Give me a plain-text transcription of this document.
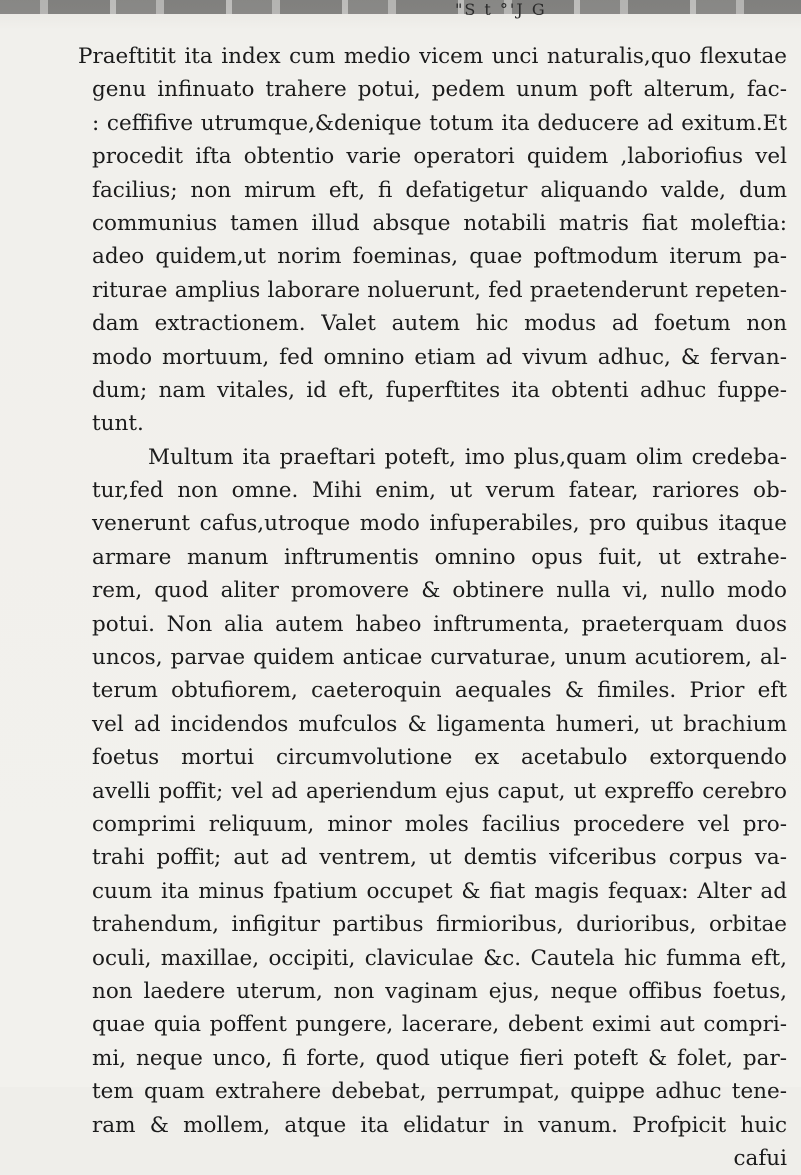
"S t °'J G
Praeftitit ita index cum medio vicem unci naturalis,quo flexutae
genu infinuato trahere potui, pedem unum poft alterum, fac-
: ceffifive utrumque,&denique totum ita deducere ad exitum.Et
procedit ifta obtentio varie operatori quidem ,laboriofius vel
facilius; non mirum eft, fi defatigetur aliquando valde, dum
communius tamen illud absque notabili matris fiat moleftia:
adeo quidem,ut norim foeminas, quae poftmodum iterum pa-
riturae amplius laborare noluerunt, fed praetenderunt repeten-
dam extractionem. Valet autem hic modus ad foetum non
modo mortuum, fed omnino etiam ad vivum adhuc, & fervan-
dum; nam vitales, id eft, fuperftites ita obtenti adhuc fuppe-
tunt.
Multum ita praeftari poteft, imo plus,quam olim credeba-
tur,fed non omne. Mihi enim, ut verum fatear, rariores ob-
venerunt cafus,utroque modo infuperabiles, pro quibus itaque
armare manum inftrumentis omnino opus fuit, ut extrahe-
rem, quod aliter promovere & obtinere nulla vi, nullo modo
potui. Non alia autem habeo inftrumenta, praeterquam duos
uncos, parvae quidem anticae curvaturae, unum acutiorem, al-
terum obtufiorem, caeteroquin aequales & fimiles. Prior eft
vel ad incidendos mufculos & ligamenta humeri, ut brachium
foetus mortui circumvolutione ex acetabulo extorquendo
avelli poffit; vel ad aperiendum ejus caput, ut expreffo cerebro
comprimi reliquum, minor moles facilius procedere vel pro-
trahi poffit; aut ad ventrem, ut demtis vifceribus corpus va-
cuum ita minus fpatium occupet & fiat magis fequax: Alter ad
trahendum, infigitur partibus firmioribus, durioribus, orbitae
oculi, maxillae, occipiti, claviculae &c. Cautela hic fumma eft,
non laedere uterum, non vaginam ejus, neque offibus foetus,
quae quia poffent pungere, lacerare, debent eximi aut compri-
mi, neque unco, fi forte, quod utique fieri poteft & folet, par-
tem quam extrahere debebat, perrumpat, quippe adhuc tene-
ram & mollem, atque ita elidatur in vanum. Profpicit huic
cafui
